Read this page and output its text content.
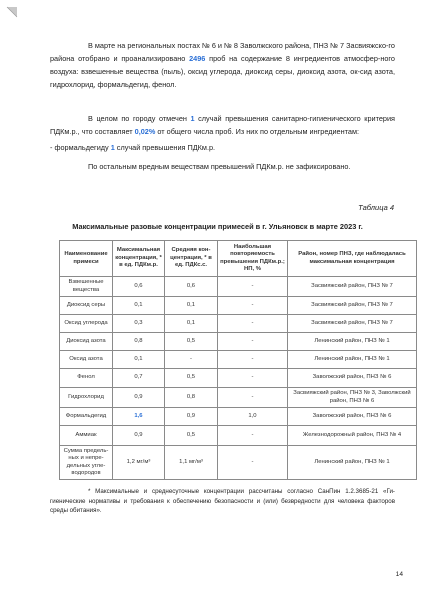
В марте на региональных постах № 6 и № 8 Заволжского района, ПНЗ № 7 Засвияжско-го района отобрано и проанализировано 2496 проб на содержание 8 ингредиентов атмосфер-ного воздуха: взвешенные вещества (пыль), оксид углерода, диоксид серы, диоксид азота, ок-сид азота, гидрохлорид, формальдегид, фенол.

В целом по городу отмечен 1 случай превышения санитарно-гигиенического критерия ПДКм.р., что составляет 0,02% от общего числа проб. Из них по отдельным ингредиентам:

- формальдегиду 1 случай превышения ПДКм.р.

По остальным вредным веществам превышений ПДКм.р. не зафиксировано.

Таблица 4

Максимальные разовые концентрации примесей в г. Ульяновск в марте 2023 г.

Наименование примеси	Максимальная концентрация, * в ед. ПДКм.р.	Средняя кон-центрация, * в ед. ПДКс.с.	Наибольшая повторяемость превышения ПДКм.р.; НП, %	Район, номер ПНЗ, где наблюдалась максимальная концентрация
Взвешенные вещества	0,6	0,6	-	Засвияжский район, ПНЗ № 7
Диоксид серы	0,1	0,1	-	Засвияжский район, ПНЗ № 7
Оксид углерода	0,3	0,1	-	Засвияжский район, ПНЗ № 7
Диоксид азота	0,8	0,5	-	Ленинский район, ПНЗ № 1
Оксид азота	0,1	-	-	Ленинский район, ПНЗ № 1
Фенол	0,7	0,5	-	Заволжский район, ПНЗ № 6
Гидрохлорид	0,9	0,8	-	Засвияжский район, ПНЗ № 3, Заволжский район, ПНЗ № 6
Формальдегид	1,6	0,9	1,0	Заволжский район, ПНЗ № 6
Аммиак	0,9	0,5	-	Железнодорожный район, ПНЗ № 4
Сумма предель-ных и непре-дельных угле-водородов	1,2 мг/м³	1,1 мг/м³	-	Ленинский район, ПНЗ № 1

* Максимальные и среднесуточные концентрации рассчитаны согласно СанПин 1.2.3685-21 «Ги-гиенические нормативы и требования к обеспечению безопасности и (или) безвредности для человека факторов среды обитания».

14
